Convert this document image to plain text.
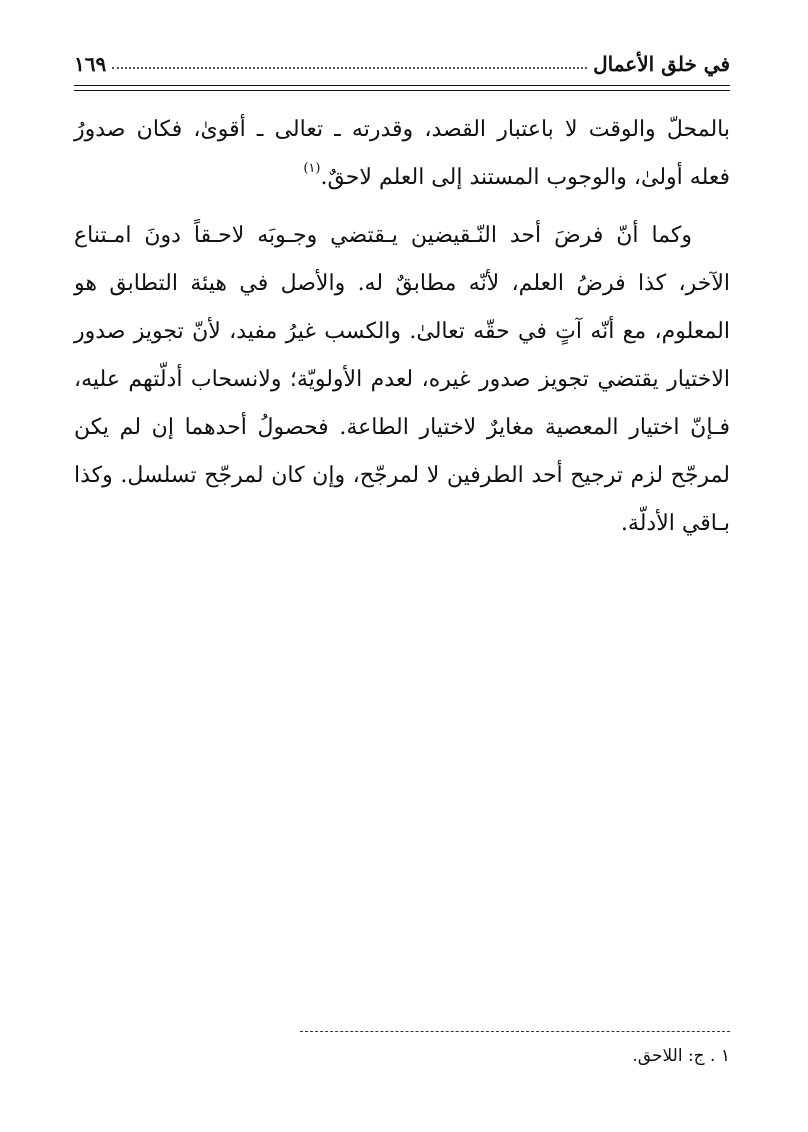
في خلق الأعمال
١٦٩

بالمحلّ والوقت لا باعتبار القصد، وقدرته ـ تعالى ـ أقوىٰ، فكان صدورُ فعله أولىٰ، والوجوب المستند إلى العلم لاحقٌ.$^{(١)}$

وكما أنّ فرضَ أحد النّـقيضين يـقتضي وجـوبَه لاحـقاً دونَ امـتناع الآخر، كذا فرضُ العلم، لأنّه مطابقٌ له. والأصل في هيئة التطابق هو المعلوم، مع أنّه آتٍ في حقّه تعالىٰ. والكسب غيرُ مفيد، لأنّ تجويز صدور الاختيار يقتضي تجويز صدور غيره، لعدم الأولويّة؛ ولانسحاب أدلّتهم عليه، فـإنّ اختيار المعصية مغايرٌ لاختيار الطاعة. فحصولُ أحدهما إن لم يكن لمرجّح لزم ترجيح أحد الطرفين لا لمرجّح، وإن كان لمرجّح تسلسل. وكذا بـاقي الأدلّة.

١ . ج: اللاحق.
